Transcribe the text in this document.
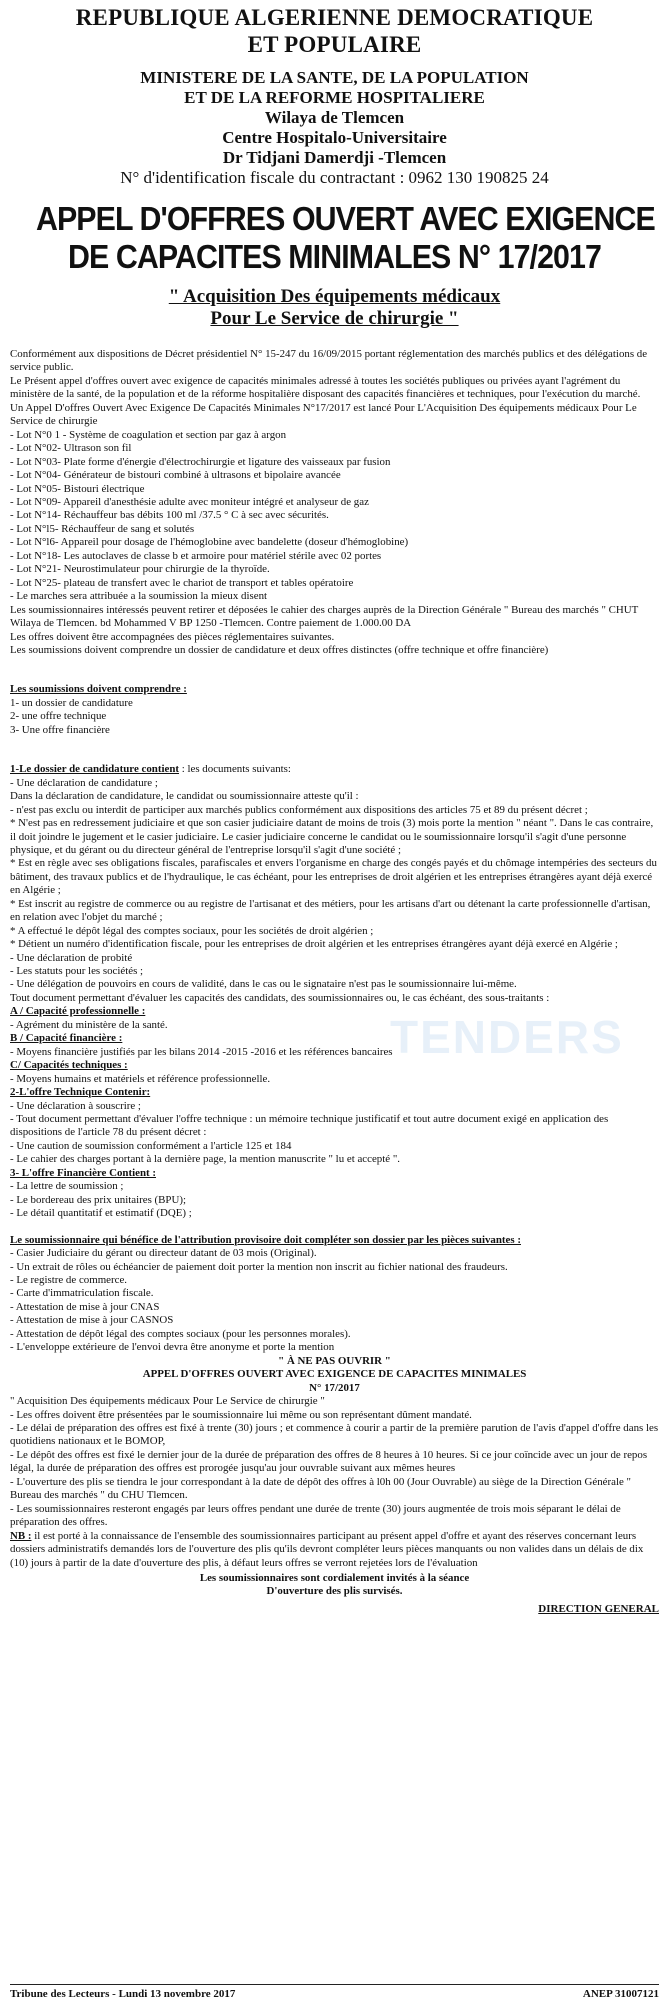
TENDERS
REPUBLIQUE ALGERIENNE DEMOCRATIQUE
ET POPULAIRE
MINISTERE DE LA SANTE, DE LA POPULATION
ET DE LA REFORME HOSPITALIERE
Wilaya de Tlemcen
Centre Hospitalo-Universitaire
Dr Tidjani Damerdji -Tlemcen
N° d'identification fiscale du contractant : 0962 130 190825 24
APPEL D'OFFRES OUVERT AVEC EXIGENCE
DE CAPACITES MINIMALES N° 17/2017
" Acquisition Des équipements médicaux
Pour Le Service de chirurgie "
Conformément aux dispositions de Décret présidentiel N° 15-247 du 16/09/2015 portant réglementation des marchés publics et des délégations de service public.
Le Présent appel d'offres ouvert avec exigence de capacités minimales adressé à toutes les sociétés publiques ou privées ayant l'agrément du ministère de la santé, de la population et de la réforme hospitalière disposant des capacités financières et techniques, pour l'exécution du marché.
Un Appel D'offres Ouvert Avec Exigence De Capacités Minimales N°17/2017 est lancé Pour L'Acquisition Des équipements médicaux Pour Le Service de chirurgie
- Lot N°0 1 - Système de coagulation et section par gaz à argon
- Lot N°02- Ultrason son fil
- Lot N°03- Plate forme d'énergie d'électrochirurgie et ligature des vaisseaux par fusion
- Lot N°04- Générateur de bistouri combiné à ultrasons et bipolaire avancée
- Lot N°05- Bistouri électrique
- Lot N°09- Appareil d'anesthésie adulte avec moniteur intégré et analyseur de gaz
- Lot N°14- Réchauffeur bas débits 100 ml /37.5 ° C à sec avec sécurités.
- Lot N°l5- Réchauffeur de sang et solutés
- Lot N°l6- Appareil pour dosage de l'hémoglobine avec bandelette (doseur d'hémoglobine)
- Lot N°18- Les autoclaves de classe b et armoire pour matériel stérile avec 02 portes
- Lot N°21- Neurostimulateur pour chirurgie de la thyroïde.
- Lot N°25- plateau de transfert avec le chariot de transport et tables opératoire
- Le marches sera attribuée a la soumission la mieux disent
Les soumissionnaires intéressés peuvent retirer et déposées le cahier des charges auprès de la Direction Générale " Bureau des marchés " CHUT Wilaya de Tlemcen. bd Mohammed V BP 1250 -Tlemcen. Contre paiement de 1.000.00 DA
Les offres doivent être accompagnées des pièces réglementaires suivantes.
Les soumissions doivent comprendre un dossier de candidature et deux offres distinctes (offre technique et offre financière)
Les soumissions doivent comprendre :
1- un dossier de candidature
2- une offre technique
3- Une offre financière
1-Le dossier de candidature contient : les documents suivants:
- Une déclaration de candidature ;
Dans la déclaration de candidature, le candidat ou soumissionnaire atteste qu'il :
- n'est pas exclu ou interdit de participer aux marchés publics conformément aux dispositions des articles 75 et 89 du présent décret ;
* N'est pas en redressement judiciaire et que son casier judiciaire datant de moins de trois (3) mois porte la mention " néant ". Dans le cas contraire, il doit joindre le jugement et le casier judiciaire. Le casier judiciaire concerne le candidat ou le soumissionnaire lorsqu'il s'agit d'une personne physique, et du gérant ou du directeur général de l'entreprise lorsqu'il s'agit d'une société ;
* Est en règle avec ses obligations fiscales, parafiscales et envers l'organisme en charge des congés payés et du chômage intempéries des secteurs du bâtiment, des travaux publics et de l'hydraulique, le cas échéant, pour les entreprises de droit algérien et les entreprises étrangères ayant déjà exercé en Algérie ;
* Est inscrit au registre de commerce ou au registre de l'artisanat et des métiers, pour les artisans d'art ou détenant la carte professionnelle d'artisan, en relation avec l'objet du marché ;
* A effectué le dépôt légal des comptes sociaux, pour les sociétés de droit algérien ;
* Détient un numéro d'identification fiscale, pour les entreprises de droit algérien et les entreprises étrangères ayant déjà exercé en Algérie ;
- Une déclaration de probité
- Les statuts pour les sociétés ;
- Une délégation de pouvoirs en cours de validité, dans le cas ou le signataire n'est pas le soumissionnaire lui-même.
Tout document permettant d'évaluer les capacités des candidats, des soumissionnaires ou, le cas échéant, des sous-traitants :
A / Capacité professionnelle :
- Agrément du ministère de la santé.
B / Capacité financière :
- Moyens financière justifiés par les bilans 2014 -2015 -2016 et les références bancaires
C/ Capacités techniques :
- Moyens humains et matériels et référence professionnelle.
2-L'offre Technique Contenir:
- Une déclaration à souscrire ;
- Tout document permettant d'évaluer l'offre technique : un mémoire technique justificatif et tout autre document exigé en application des dispositions de l'article 78 du présent décret :
- Une caution de soumission conformément a l'article 125 et 184
- Le cahier des charges portant à la dernière page, la mention manuscrite " lu et accepté ".
3- L'offre Financière Contient :
- La lettre de soumission ;
- Le bordereau des prix unitaires (BPU);
- Le détail quantitatif et estimatif (DQE) ;
Le soumissionnaire qui bénéfice de l'attribution provisoire doit compléter son dossier par les pièces suivantes :
- Casier Judiciaire du gérant ou directeur datant de 03 mois (Original).
- Un extrait de rôles ou échéancier de paiement doit porter la mention non inscrit au fichier national des fraudeurs.
- Le registre de commerce.
- Carte d'immatriculation fiscale.
- Attestation de mise à jour CNAS
- Attestation de mise à jour CASNOS
- Attestation de dépôt légal des comptes sociaux (pour les personnes morales).
- L'enveloppe extérieure de l'envoi devra être anonyme et porte la mention
" À NE PAS OUVRIR "
APPEL D'OFFRES OUVERT AVEC EXIGENCE DE CAPACITES MINIMALES
N° 17/2017
" Acquisition Des équipements médicaux Pour Le Service de chirurgie "
- Les offres doivent être présentées par le soumissionnaire lui même ou son représentant dûment mandaté.
- Le délai de préparation des offres est fixé à trente (30) jours ; et commence à courir a partir de la première parution de l'avis d'appel d'offre dans les quotidiens nationaux et le BOMOP,
- Le dépôt des offres est fixé le dernier jour de la durée de préparation des offres de 8 heures à 10 heures. Si ce jour coïncide avec un jour de repos légal, la durée de préparation des offres est prorogée jusqu'au jour ouvrable suivant aux mêmes heures
- L'ouverture des plis se tiendra le jour correspondant à la date de dépôt des offres à l0h 00 (Jour Ouvrable) au siège de la Direction Générale " Bureau des marchés " du CHU Tlemcen.
- Les soumissionnaires resteront engagés par leurs offres pendant une durée de trente (30) jours augmentée de trois mois séparant le délai de préparation des offres.
NB : il est porté à la connaissance de l'ensemble des soumissionnaires participant au présent appel d'offre et ayant des réserves concernant leurs dossiers administratifs demandés lors de l'ouverture des plis qu'ils devront compléter leurs pièces manquants ou non valides dans un délais de dix (10) jours à partir de la date d'ouverture des plis, à défaut leurs offres se verront rejetées lors de l'évaluation
Les soumissionnaires sont cordialement invités à la séance
D'ouverture des plis survisés.
DIRECTION GENERAL
Tribune des Lecteurs - Lundi 13 novembre 2017	ANEP 31007121
